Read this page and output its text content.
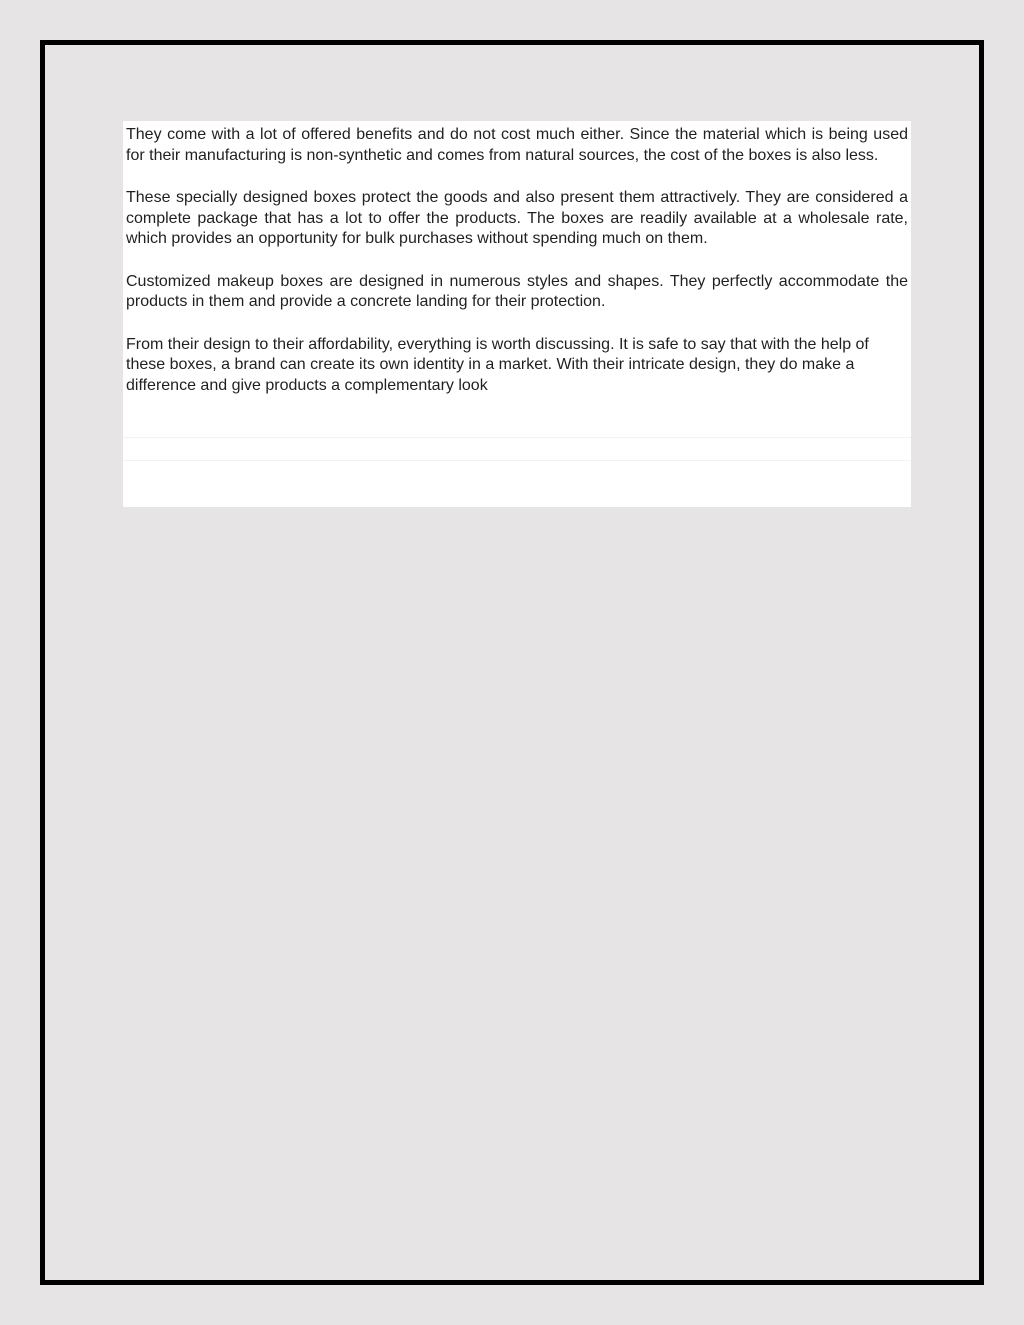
They come with a lot of offered benefits and do not cost much either. Since the material which is being used for their manufacturing is non-synthetic and comes from natural sources, the cost of the boxes is also less.

These specially designed boxes protect the goods and also present them attractively. They are considered a complete package that has a lot to offer the products. The boxes are readily available at a wholesale rate, which provides an opportunity for bulk purchases without spending much on them.

Customized makeup boxes are designed in numerous styles and shapes. They perfectly accommodate the products in them and provide a concrete landing for their protection.

From their design to their affordability, everything is worth discussing. It is safe to say that with the help of these boxes, a brand can create its own identity in a market. With their intricate design, they do make a difference and give products a complementary look
